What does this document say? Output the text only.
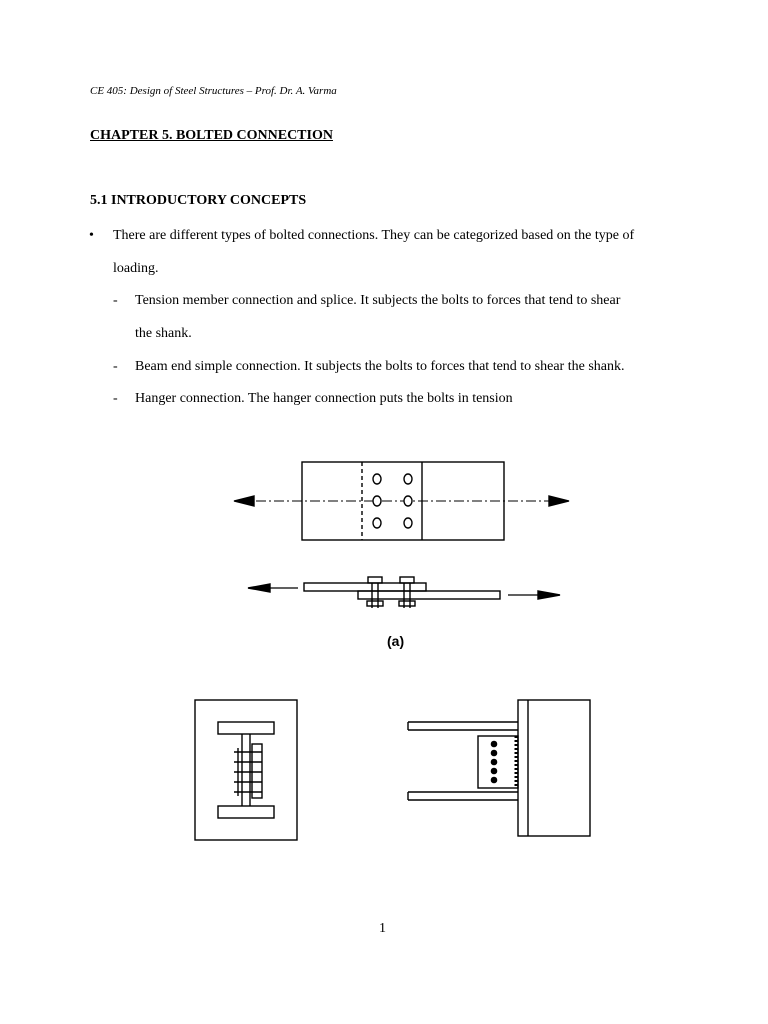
CE 405: Design of Steel Structures – Prof. Dr. A. Varma
CHAPTER 5. BOLTED CONNECTION
5.1 INTRODUCTORY CONCEPTS
• There are different types of bolted connections. They can be categorized based on the type of
loading.
- Tension member connection and splice. It subjects the bolts to forces that tend to shear
the shank.
- Beam end simple connection. It subjects the bolts to forces that tend to shear the shank.
- Hanger connection. The hanger connection puts the bolts in tension
(a)
1
